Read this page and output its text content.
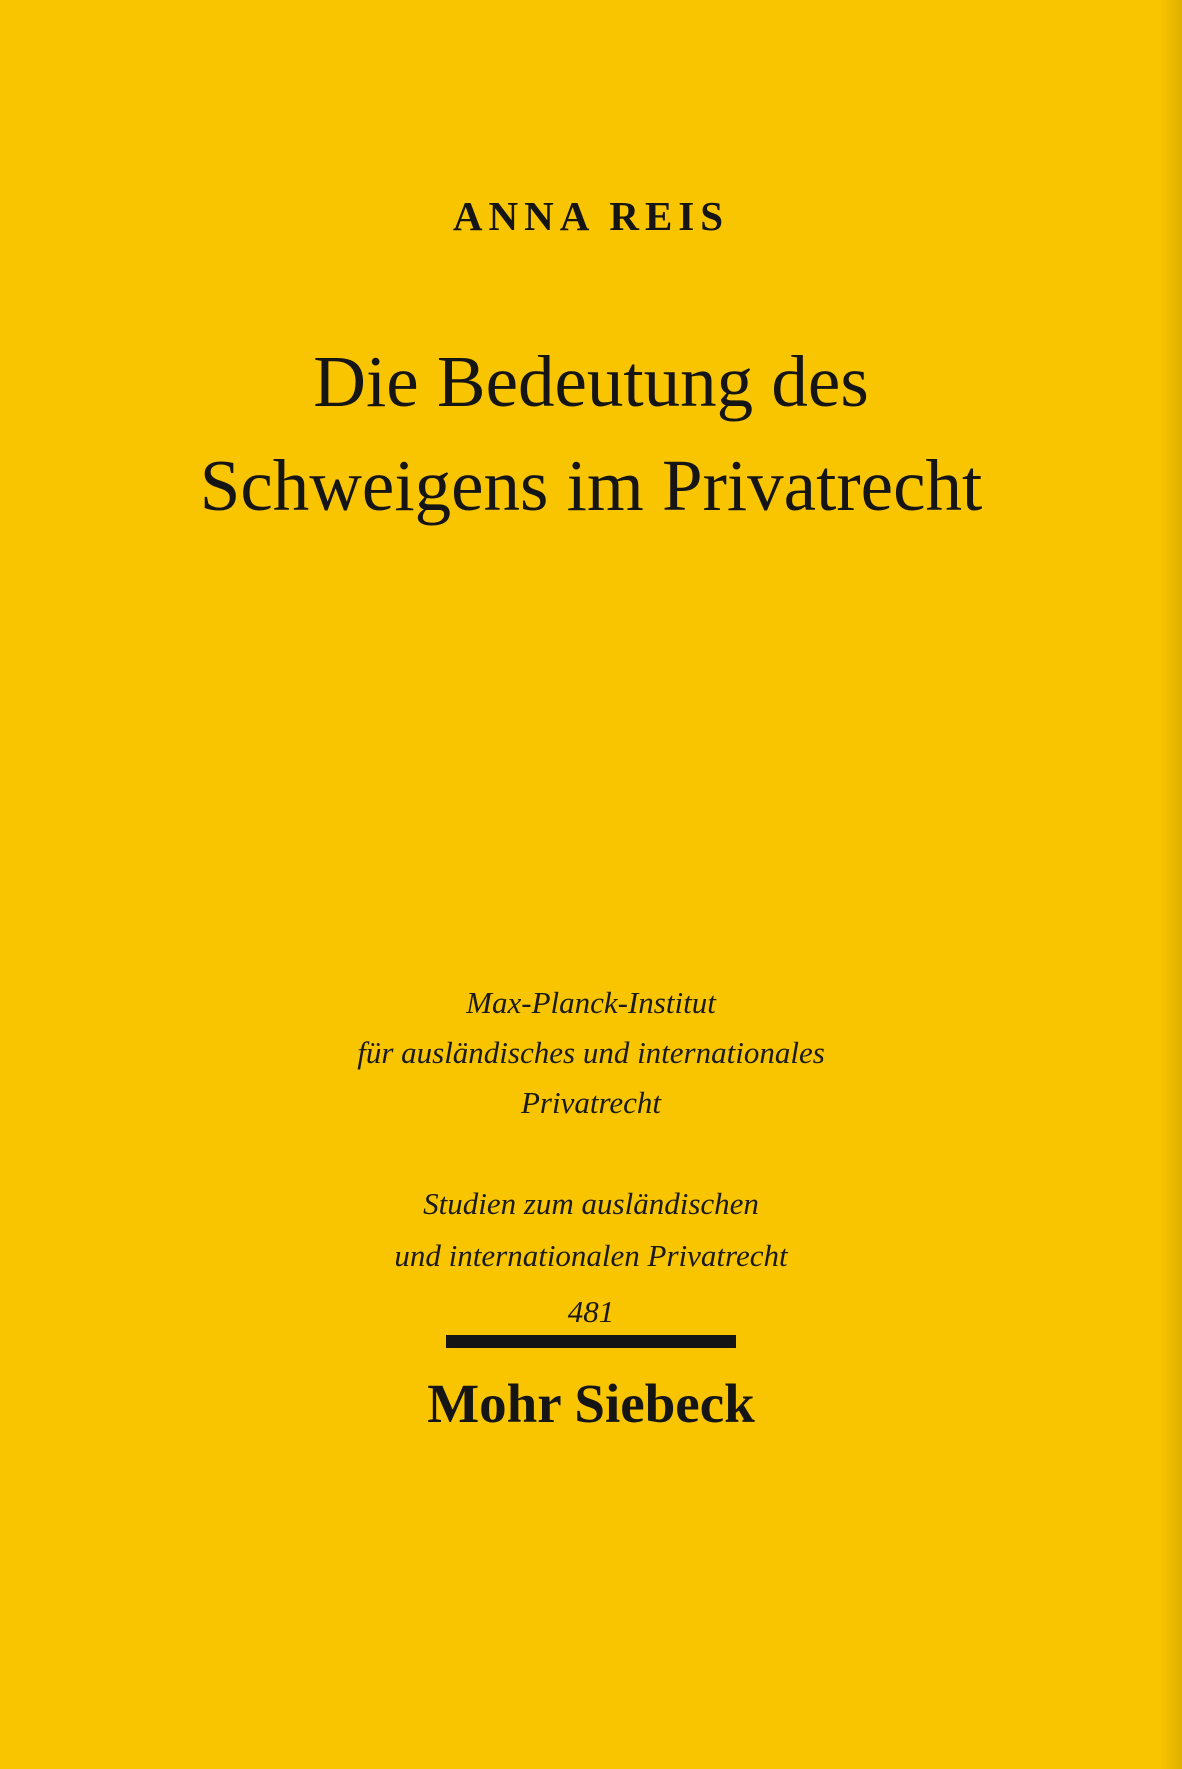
ANNA REIS
Die Bedeutung des
Schweigens im Privatrecht
Max-Planck-Institut
für ausländisches und internationales
Privatrecht
Studien zum ausländischen
und internationalen Privatrecht
481
Mohr Siebeck
